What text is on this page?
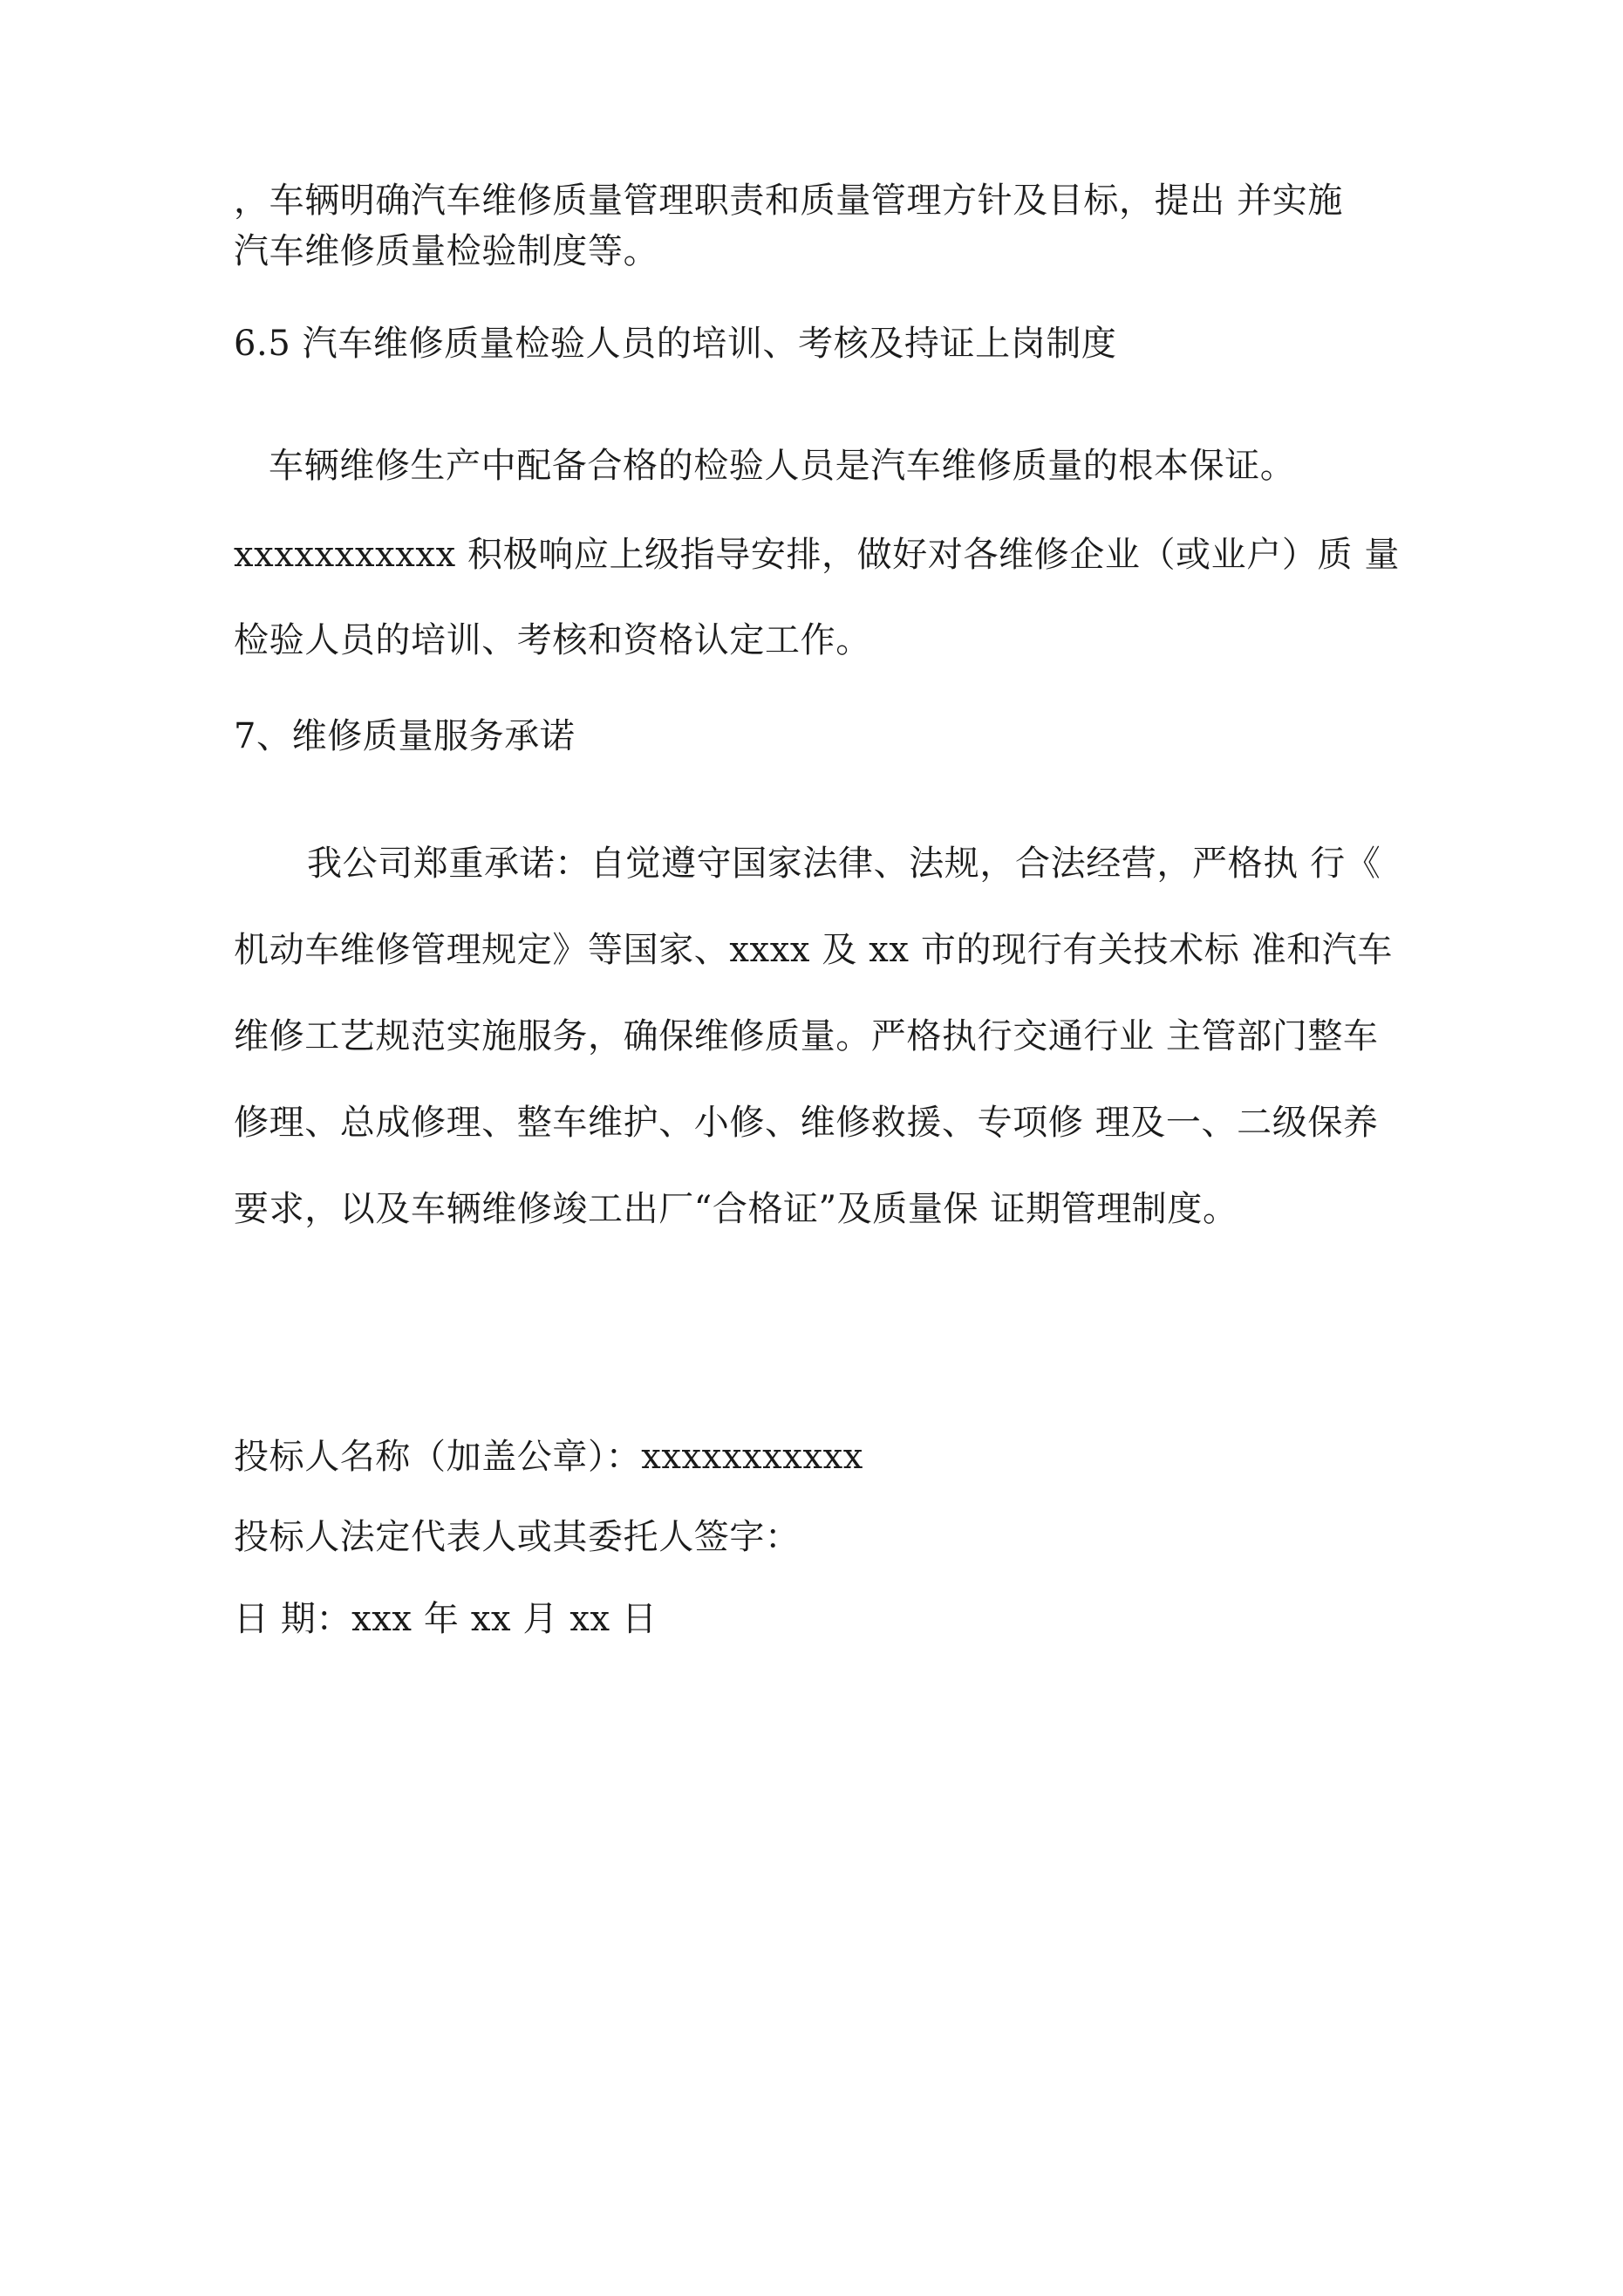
，车辆明确汽车维修质量管理职责和质量管理方针及目标，提出 并实施
汽车维修质量检验制度等。
6.5 汽车维修质量检验人员的培训、考核及持证上岗制度
车辆维修生产中配备合格的检验人员是汽车维修质量的根本保证。
xxxxxxxxxxx 积极响应上级指导安排，做好对各维修企业（或业户）质 量
检验人员的培训、考核和资格认定工作。
7、维修质量服务承诺
我公司郑重承诺：自觉遵守国家法律、法规，合法经营，严格执 行《
机动车维修管理规定》等国家、xxxx 及 xx 市的现行有关技术标 准和汽车
维修工艺规范实施服务，确保维修质量。严格执行交通行业 主管部门整车
修理、总成修理、整车维护、小修、维修救援、专项修 理及一、二级保养
要求，以及车辆维修竣工出厂“合格证”及质量保 证期管理制度。
投标人名称（加盖公章）：xxxxxxxxxxx
投标人法定代表人或其委托人签字：
日 期：xxx 年 xx 月 xx 日
